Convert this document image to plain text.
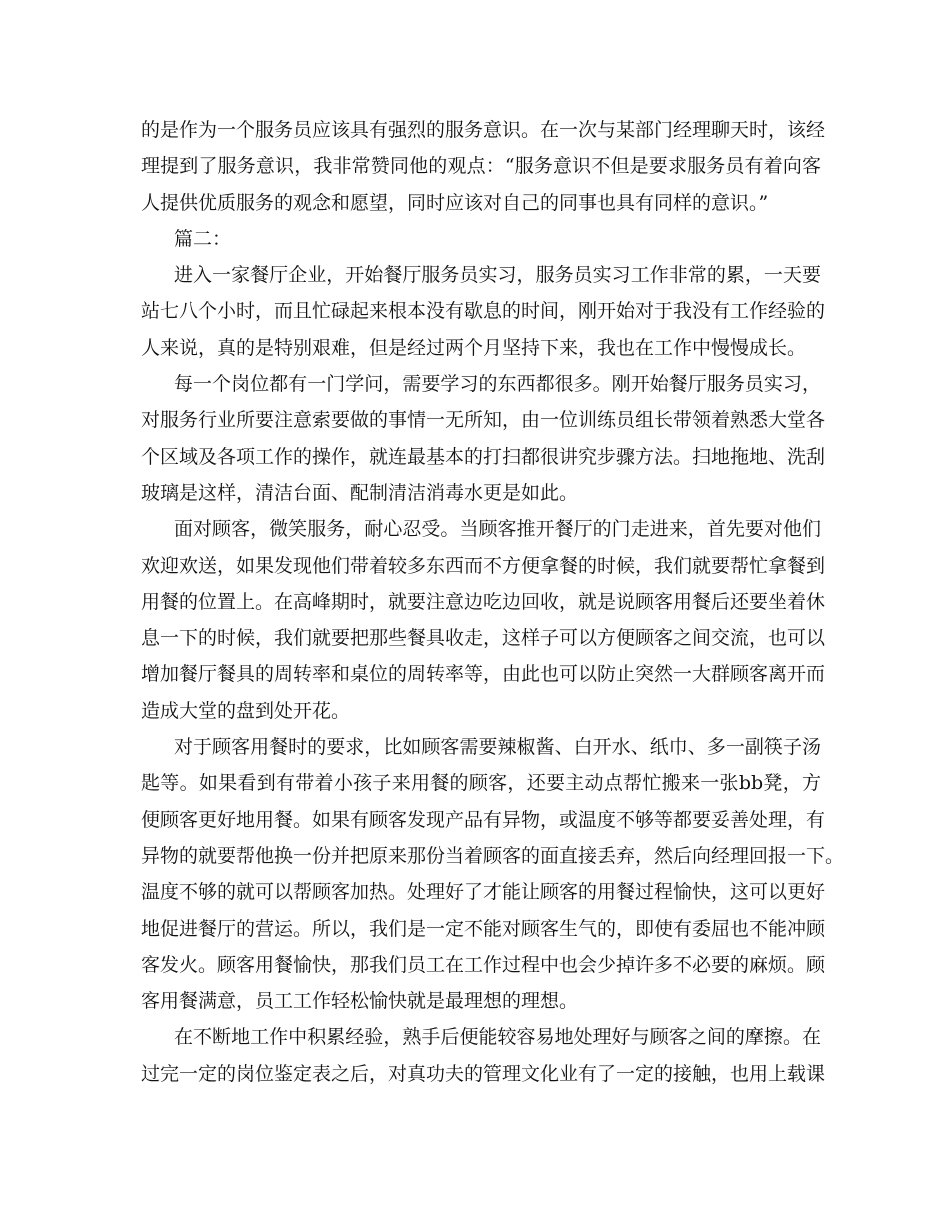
的是作为一个服务员应该具有强烈的服务意识。在一次与某部门经理聊天时，该经
理提到了服务意识，我非常赞同他的观点：“服务意识不但是要求服务员有着向客
人提供优质服务的观念和愿望，同时应该对自己的同事也具有同样的意识。”
篇二：
进入一家餐厅企业，开始餐厅服务员实习，服务员实习工作非常的累，一天要
站七八个小时，而且忙碌起来根本没有歇息的时间，刚开始对于我没有工作经验的
人来说，真的是特别艰难，但是经过两个月坚持下来，我也在工作中慢慢成长。
每一个岗位都有一门学问，需要学习的东西都很多。刚开始餐厅服务员实习，
对服务行业所要注意索要做的事情一无所知，由一位训练员组长带领着熟悉大堂各
个区域及各项工作的操作，就连最基本的打扫都很讲究步骤方法。扫地拖地、洗刮
玻璃是这样，清洁台面、配制清洁消毒水更是如此。
面对顾客，微笑服务，耐心忍受。当顾客推开餐厅的门走进来，首先要对他们
欢迎欢送，如果发现他们带着较多东西而不方便拿餐的时候，我们就要帮忙拿餐到
用餐的位置上。在高峰期时，就要注意边吃边回收，就是说顾客用餐后还要坐着休
息一下的时候，我们就要把那些餐具收走，这样子可以方便顾客之间交流，也可以
增加餐厅餐具的周转率和桌位的周转率等，由此也可以防止突然一大群顾客离开而
造成大堂的盘到处开花。
对于顾客用餐时的要求，比如顾客需要辣椒酱、白开水、纸巾、多一副筷子汤
匙等。如果看到有带着小孩子来用餐的顾客，还要主动点帮忙搬来一张bb凳，方
便顾客更好地用餐。如果有顾客发现产品有异物，或温度不够等都要妥善处理，有
异物的就要帮他换一份并把原来那份当着顾客的面直接丢弃，然后向经理回报一下。
温度不够的就可以帮顾客加热。处理好了才能让顾客的用餐过程愉快，这可以更好
地促进餐厅的营运。所以，我们是一定不能对顾客生气的，即使有委屈也不能冲顾
客发火。顾客用餐愉快，那我们员工在工作过程中也会少掉许多不必要的麻烦。顾
客用餐满意，员工工作轻松愉快就是最理想的理想。
在不断地工作中积累经验，熟手后便能较容易地处理好与顾客之间的摩擦。在
过完一定的岗位鉴定表之后，对真功夫的管理文化业有了一定的接触，也用上载课
